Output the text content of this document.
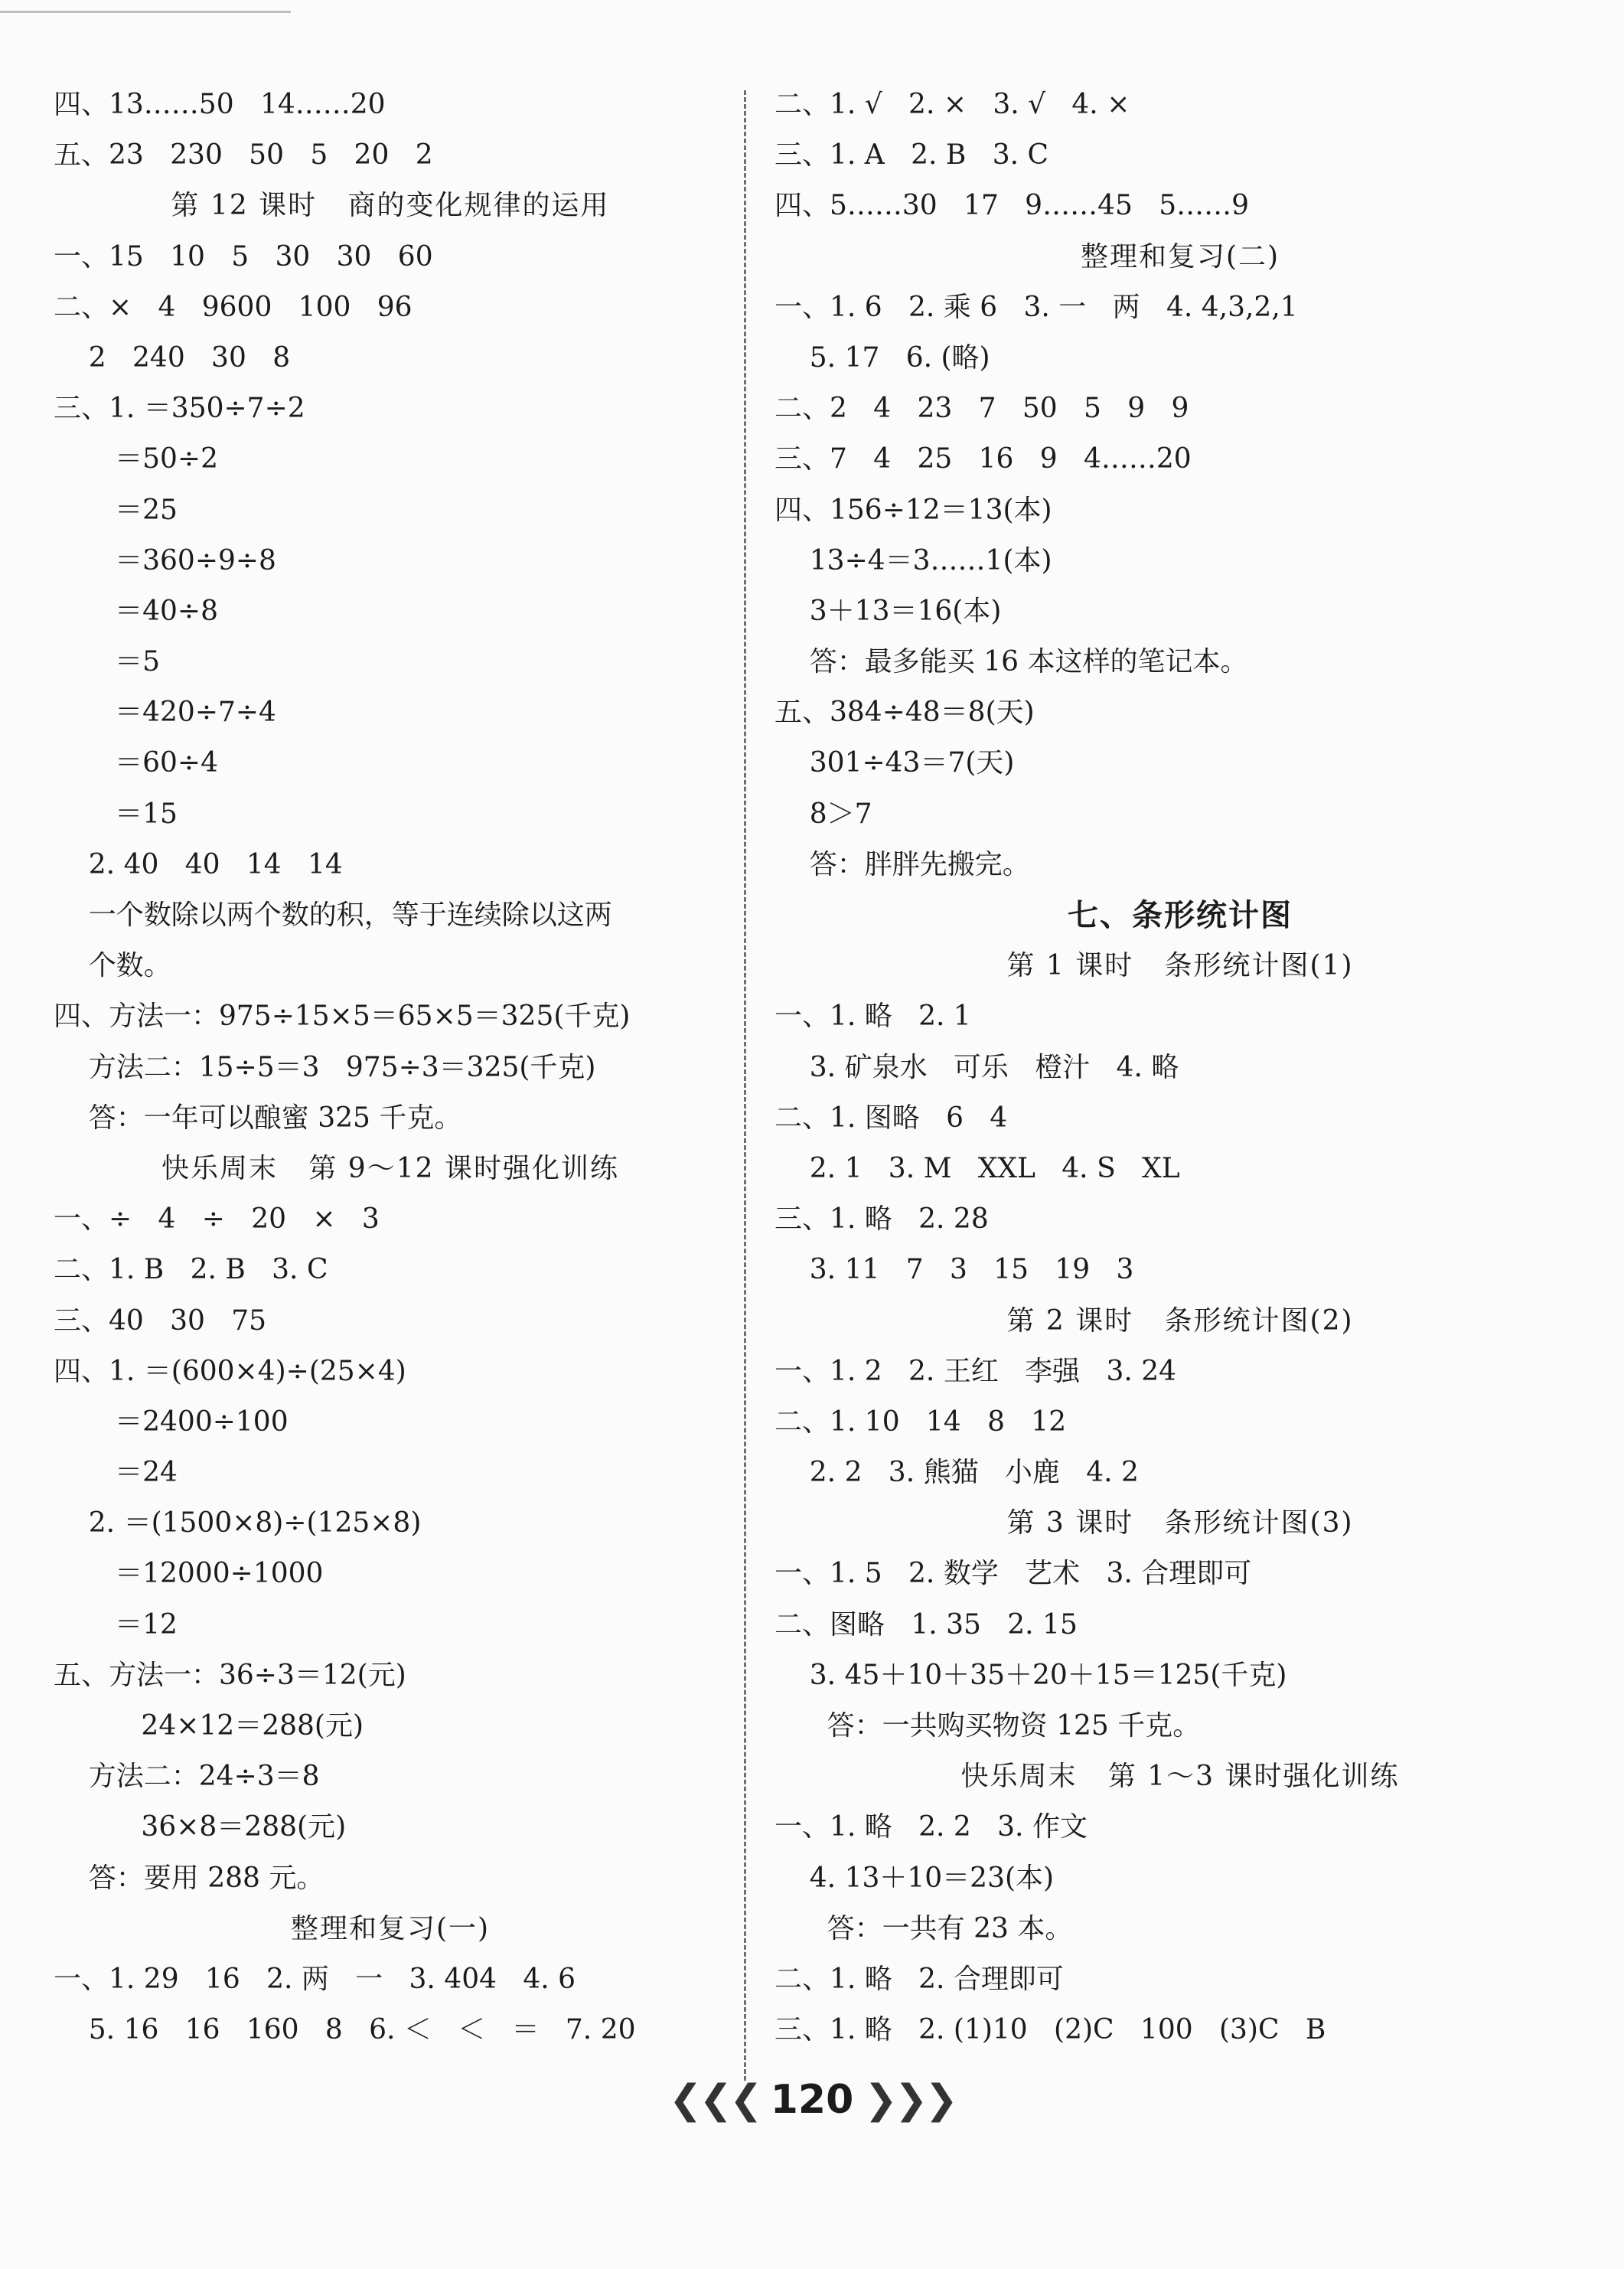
四、13……50   14……20
五、23   230   50   5   20   2
第 12 课时   商的变化规律的运用
一、15   10   5   30   30   60
二、×   4   9600   100   96
2   240   30   8
三、1. ＝350÷7÷2
＝50÷2
＝25
＝360÷9÷8
＝40÷8
＝5
＝420÷7÷4
＝60÷4
＝15
2. 40   40   14   14
一个数除以两个数的积，等于连续除以这两
个数。
四、方法一：975÷15×5＝65×5＝325(千克)
方法二：15÷5＝3   975÷3＝325(千克)
答：一年可以酿蜜 325 千克。
快乐周末   第 9～12 课时强化训练
一、÷   4   ÷   20   ×   3
二、1. B   2. B   3. C
三、40   30   75
四、1. ＝(600×4)÷(25×4)
＝2400÷100
＝24
2. ＝(1500×8)÷(125×8)
＝12000÷1000
＝12
五、方法一：36÷3＝12(元)
24×12＝288(元)
方法二：24÷3＝8
36×8＝288(元)
答：要用 288 元。
整理和复习(一)
一、1. 29   16   2. 两   一   3. 404   4. 6
5. 16   16   160   8   6. ＜   ＜   ＝   7. 20
二、1. √   2. ×   3. √   4. ×
三、1. A   2. B   3. C
四、5……30   17   9……45   5……9
整理和复习(二)
一、1. 6   2. 乘 6   3. 一   两   4. 4,3,2,1
5. 17   6. (略)
二、2   4   23   7   50   5   9   9
三、7   4   25   16   9   4……20
四、156÷12＝13(本)
13÷4＝3……1(本)
3＋13＝16(本)
答：最多能买 16 本这样的笔记本。
五、384÷48＝8(天)
301÷43＝7(天)
8＞7
答：胖胖先搬完。
七、条形统计图
第 1 课时   条形统计图(1)
一、1. 略   2. 1
3. 矿泉水   可乐   橙汁   4. 略
二、1. 图略   6   4
2. 1   3. M   XXL   4. S   XL
三、1. 略   2. 28
3. 11   7   3   15   19   3
第 2 课时   条形统计图(2)
一、1. 2   2. 王红   李强   3. 24
二、1. 10   14   8   12
2. 2   3. 熊猫   小鹿   4. 2
第 3 课时   条形统计图(3)
一、1. 5   2. 数学   艺术   3. 合理即可
二、图略   1. 35   2. 15
3. 45＋10＋35＋20＋15＝125(千克)
答：一共购买物资 125 千克。
快乐周末   第 1～3 课时强化训练
一、1. 略   2. 2   3. 作文
4. 13＋10＝23(本)
答：一共有 23 本。
二、1. 略   2. 合理即可
三、1. 略   2. (1)10   (2)C   100   (3)C   B
❮❮❮ 120 ❯❯❯
